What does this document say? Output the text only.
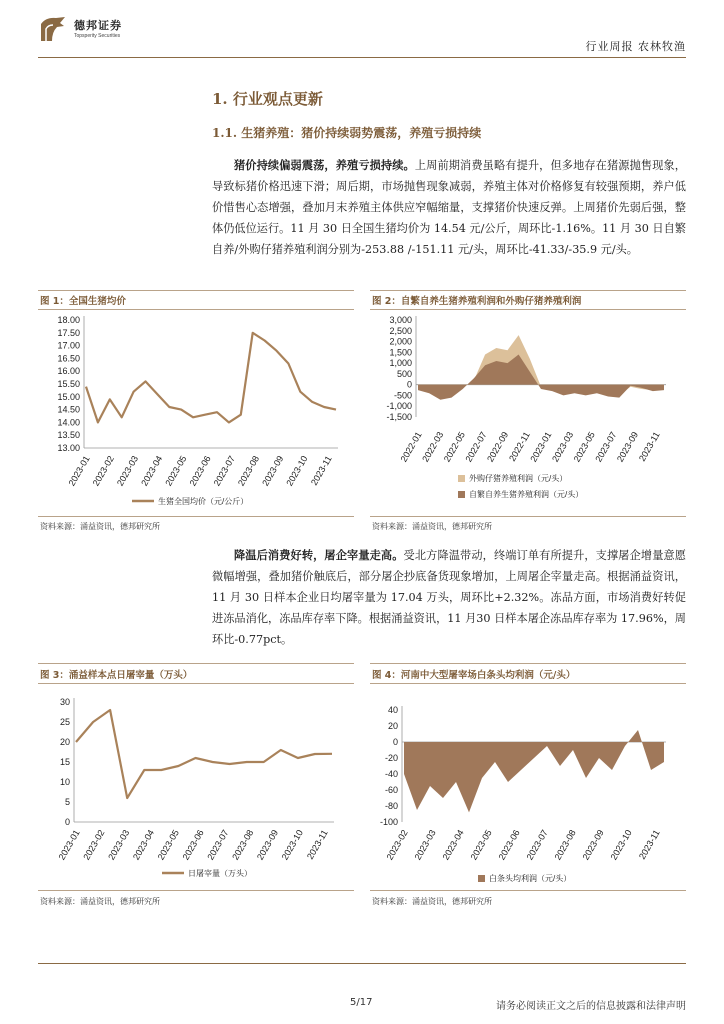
德邦证券
Topsperity Securities
行业周报 农林牧渔
1. 行业观点更新
1.1. 生猪养殖：猪价持续弱势震荡，养殖亏损持续
猪价持续偏弱震荡，养殖亏损持续。上周前期消费虽略有提升，但多地存在猪源抛售现象，导致标猪价格迅速下滑；周后期，市场抛售现象减弱，养殖主体对价格修复有较强预期，养户低价惜售心态增强，叠加月末养殖主体供应窄幅缩量，支撑猪价快速反弹。上周猪价先弱后强，整体仍低位运行。11 月 30 日全国生猪均价为 14.54 元/公斤，周环比-1.16%。11 月 30 日自繁自养/外购仔猪养殖利润分别为-253.88 /-151.11 元/头，周环比-41.33/-35.9 元/头。
图 1：全国生猪均价
18.00
17.50
17.00
16.50
16.00
15.50
15.00
14.50
14.00
13.50
13.00
2023-01 2023-02 2023-03 2023-04 2023-05 2023-06 2023-07 2023-08 2023-09 2023-10 2023-11
生猪全国均价（元/公斤）
资料来源：涌益资讯，德邦研究所
图 2：自繁自养生猪养殖利润和外购仔猪养殖利润
3,000
2,500
2,000
1,500
1,000
500
0
-500
-1,000
-1,500
2022-01
2022-03
2022-05
2022-07
2022-09
2022-11
2023-01
2023-03
2023-05
2023-07
2023-09
2023-11
外购仔猪养殖利润（元/头）
自繁自养生猪养殖利润（元/头）
资料来源：涌益资讯，德邦研究所
降温后消费好转，屠企宰量走高。受北方降温带动，终端订单有所提升，支撑屠企增量意愿微幅增强，叠加猪价触底后，部分屠企抄底备货现象增加，上周屠企宰量走高。根据涌益资讯，11 月 30 日样本企业日均屠宰量为 17.04 万头，周环比+2.32%。冻品方面，市场消费好转促进冻品消化，冻品库存率下降。根据涌益资讯，11 月30 日样本屠企冻品库存率为 17.96%，周环比-0.77pct。
图 3：涌益样本点日屠宰量（万头）
30
25
20
15
10
5
0
2023-01 2023-02 2023-03 2023-04 2023-05 2023-06 2023-07 2023-08 2023-09 2023-10 2023-11
日屠宰量（万头）
资料来源：涌益资讯，德邦研究所
图 4：河南中大型屠宰场白条头均利润（元/头）
40
20
0
-20
-40
-60
-80
-100
2023-02 2023-03 2023-04 2023-05 2023-06 2023-07 2023-08 2023-09 2023-10 2023-11
白条头均利润（元/头）
资料来源：涌益资讯，德邦研究所
5/17	请务必阅读正文之后的信息披露和法律声明
